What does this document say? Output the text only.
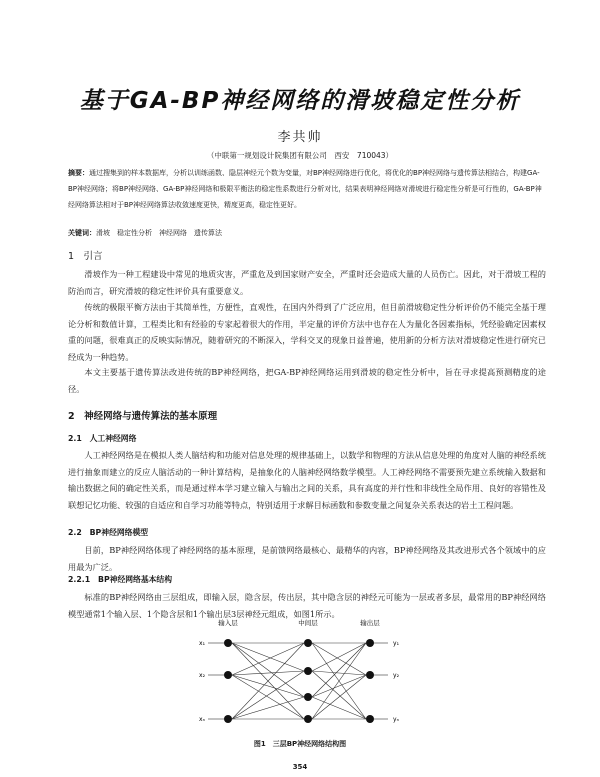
基于GA-BP神经网络的滑坡稳定性分析
李共帅
（中联第一规划设计院集团有限公司　西安　710043）
摘要：通过搜集到的样本数据库，分析以训练函数、隐层神经元个数为变量，对BP神经网络进行优化，将优化的BP神经网络与遗传算法相结合，构建GA-BP神经网络；将BP神经网络、GA-BP神经网络和极限平衡法的稳定性系数进行分析对比，结果表明神经网络对滑坡进行稳定性分析是可行性的，GA-BP神经网络算法相对于BP神经网络算法收敛速度更快，精度更高，稳定性更好。
关键词：滑坡　稳定性分析　神经网络　遗传算法
1　引言
滑坡作为一种工程建设中常见的地质灾害，严重危及到国家财产安全，严重时还会造成大量的人员伤亡。因此，对于滑坡工程的防治而言，研究滑坡的稳定性评价具有重要意义。
传统的极限平衡方法由于其简单性，方便性，直观性，在国内外得到了广泛应用，但目前滑坡稳定性分析评价仍不能完全基于理论分析和数值计算，工程类比和有经验的专家起着很大的作用，半定量的评价方法中也存在人为量化各因素指标，凭经验确定因素权重的问题，很难真正的反映实际情况，随着研究的不断深入，学科交叉的现象日益普遍，使用新的分析方法对滑坡稳定性进行研究已经成为一种趋势。
本文主要基于遗传算法改进传统的BP神经网络，把GA-BP神经网络运用到滑坡的稳定性分析中，旨在寻求提高预测精度的途径。
2　神经网络与遗传算法的基本原理
2.1　人工神经网络
人工神经网络是在模拟人类人脑结构和功能对信息处理的规律基础上，以数学和物理的方法从信息处理的角度对人脑的神经系统进行抽象而建立的反应人脑活动的一种计算结构，是抽象化的人脑神经网络数学模型。人工神经网络不需要预先建立系统输入数据和输出数据之间的确定性关系，而是通过样本学习建立输入与输出之间的关系，具有高度的并行性和非线性全局作用、良好的容错性及联想记忆功能、较强的自适应和自学习功能等特点，特别适用于求解目标函数和参数变量之间复杂关系表达的岩土工程问题。
2.2　BP神经网络模型
目前，BP神经网络体现了神经网络的基本原理，是前馈网络最核心、最精华的内容，BP神经网络及其改进形式各个领域中的应用最为广泛。
2.2.1　BP神经网络基本结构
标准的BP神经网络由三层组成，即输入层，隐含层，传出层，其中隐含层的神经元可能为一层或者多层，最常用的BP神经网络模型通常1个输入层、1个隐含层和1个输出层3层神经元组成，如图1所示。
输入层	中间层	输出层
x₁
x₂
xₙ
y₁
y₂
yₙ
图1　三层BP神经网络结构图
354
